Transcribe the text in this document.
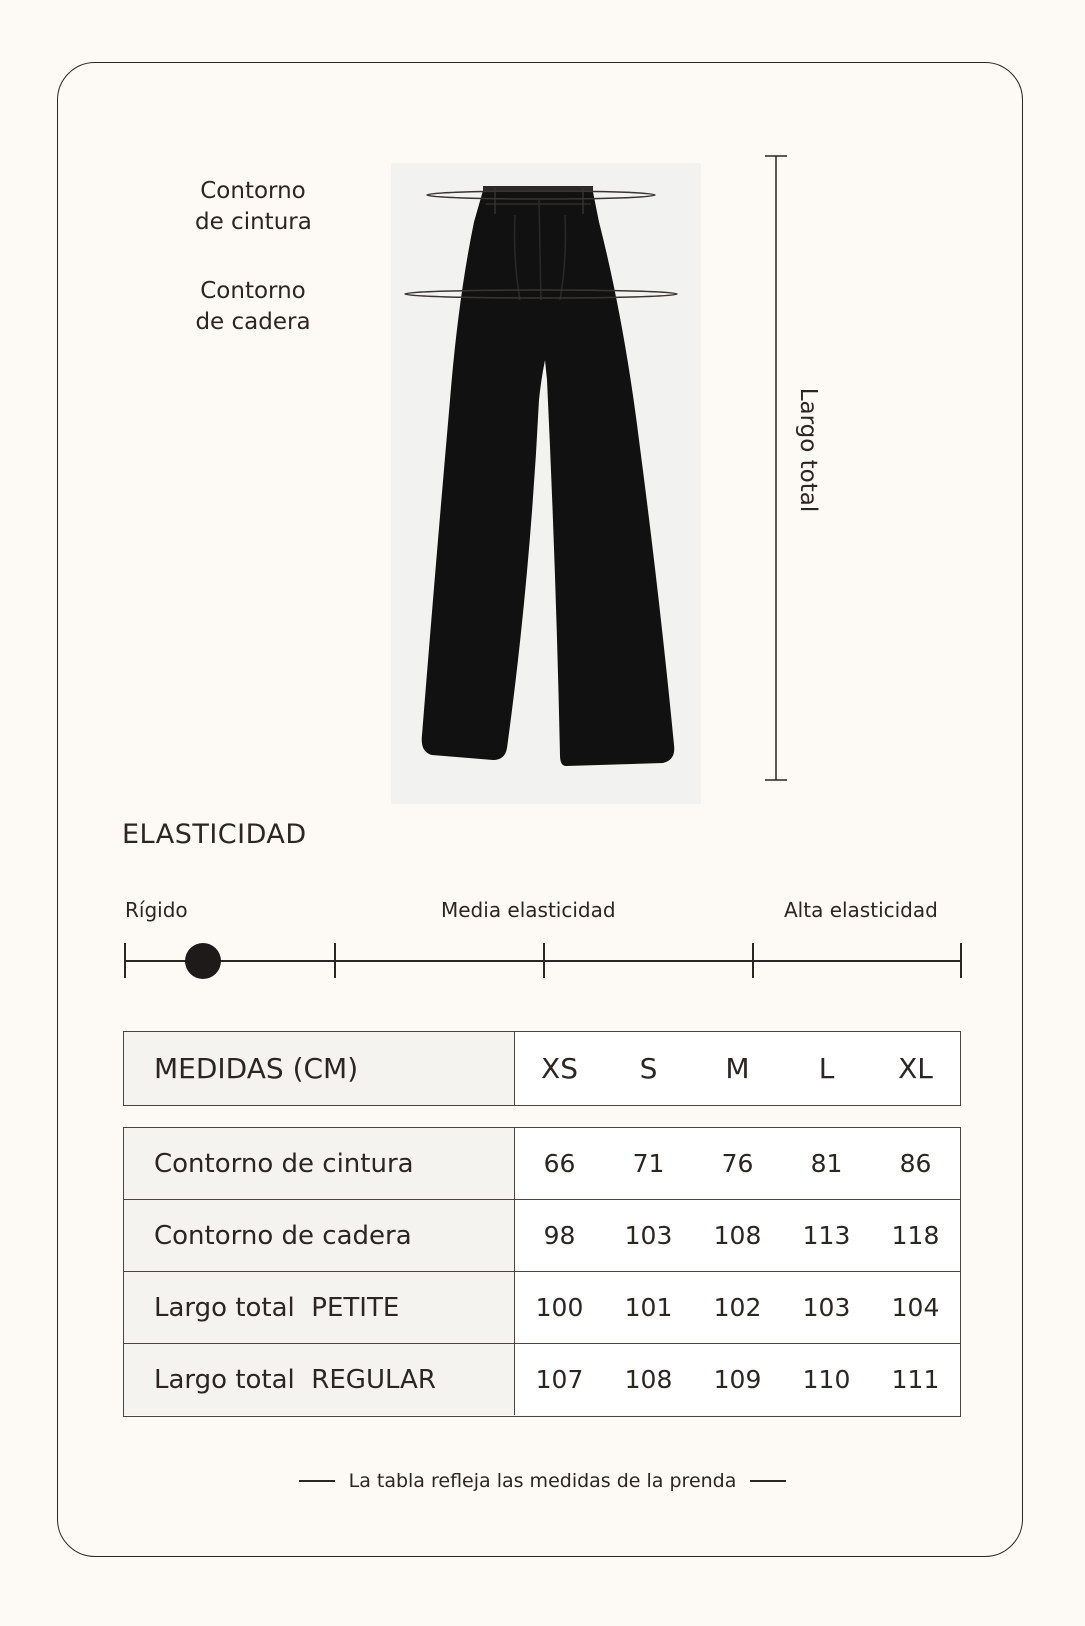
Contorno
de cintura
Contorno
de cadera
Largo total
ELASTICIDAD
Rígido	Media elasticidad	Alta elasticidad
MEDIDAS (CM)	XS	S	M	L	XL
Contorno de cintura	66	71	76	81	86
Contorno de cadera	98	103	108	113	118
Largo total  PETITE	100	101	102	103	104
Largo total  REGULAR	107	108	109	110	111
La tabla refleja las medidas de la prenda
